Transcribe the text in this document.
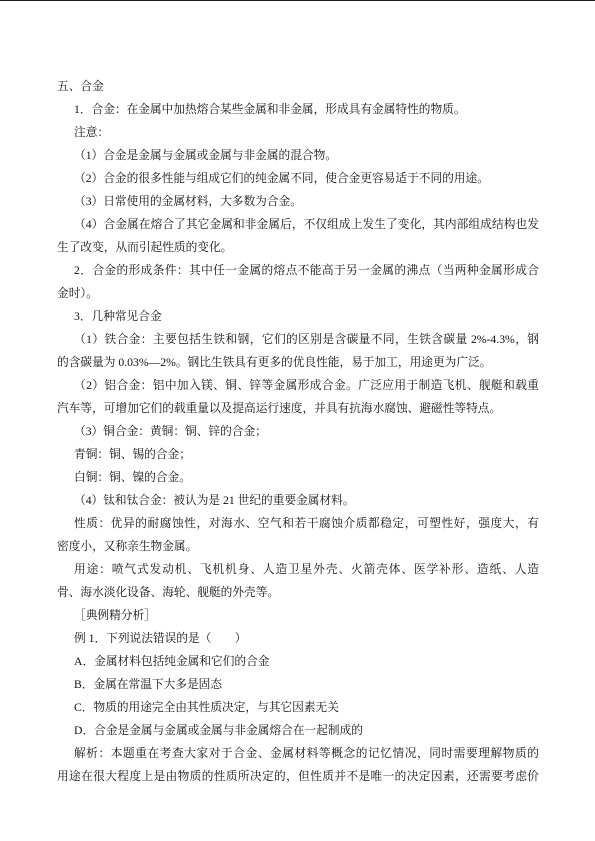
五、合金
1．合金：在金属中加热熔合某些金属和非金属，形成具有金属特性的物质。
注意：
（1）合金是金属与金属或金属与非金属的混合物。
（2）合金的很多性能与组成它们的纯金属不同，使合金更容易适于不同的用途。
（3）日常使用的金属材料，大多数为合金。
（4）合金属在熔合了其它金属和非金属后，不仅组成上发生了变化，其内部组成结构也发
生了改变，从而引起性质的变化。
2．合金的形成条件：其中任一金属的熔点不能高于另一金属的沸点（当两种金属形成合
金时）。
3．几种常见合金
（1）铁合金：主要包括生铁和钢，它们的区别是含碳量不同，生铁含碳量 2%-4.3%，钢
的含碳量为 0.03%—2%。钢比生铁具有更多的优良性能，易于加工，用途更为广泛。
（2）铝合金：铝中加入镁、铜、锌等金属形成合金。广泛应用于制造飞机、舰艇和载重
汽车等，可增加它们的载重量以及提高运行速度，并具有抗海水腐蚀、避磁性等特点。
（3）铜合金：黄铜：铜、锌的合金；
青铜：铜、锡的合金；
白铜：铜、镍的合金。
（4）钛和钛合金：被认为是 21 世纪的重要金属材料。
性质：优异的耐腐蚀性，对海水、空气和若干腐蚀介质都稳定，可塑性好，强度大，有
密度小，又称亲生物金属。
用途：喷气式发动机、飞机机身、人造卫星外壳、火箭壳体、医学补形、造纸、人造
骨、海水淡化设备、海轮、舰艇的外壳等。
［典例精分析］
例 1．下列说法错误的是（　　）
A．金属材料包括纯金属和它们的合金
B．金属在常温下大多是固态
C．物质的用途完全由其性质决定，与其它因素无关
D．合金是金属与金属或金属与非金属熔合在一起制成的
解析：本题重在考查大家对于合金、金属材料等概念的记忆情况，同时需要理解物质的
用途在很大程度上是由物质的性质所决定的，但性质并不是唯一的决定因素，还需要考虑价
